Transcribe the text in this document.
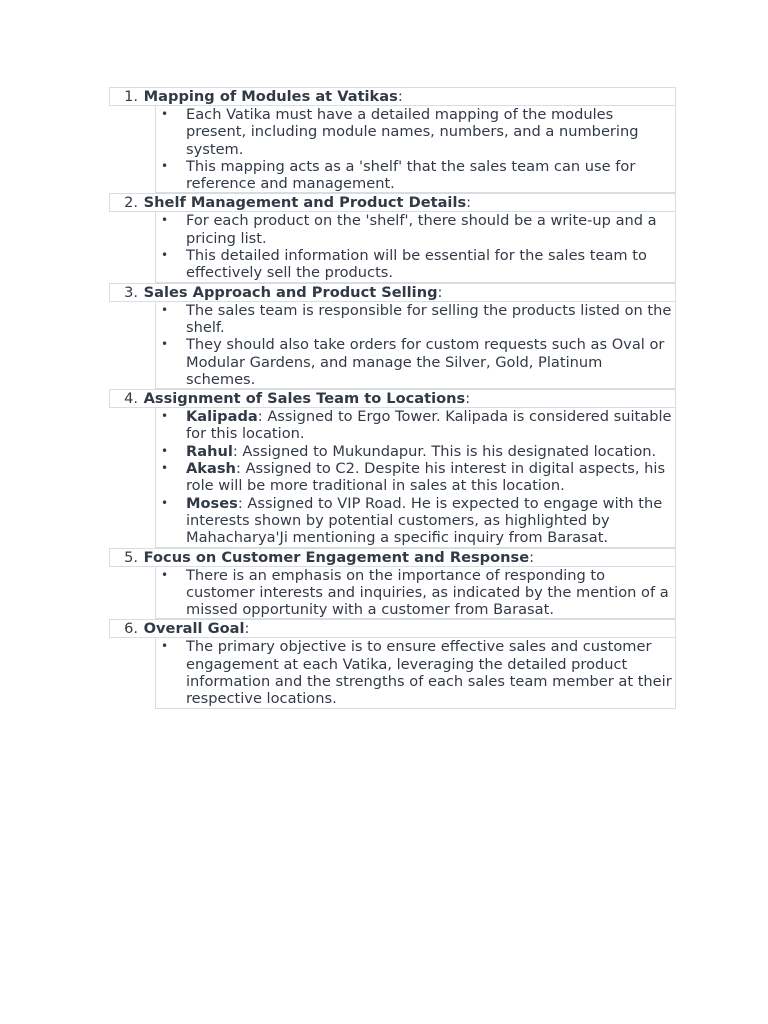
1. Mapping of Modules at Vatikas:
• Each Vatika must have a detailed mapping of the modules present, including module names, numbers, and a numbering system.
• This mapping acts as a 'shelf' that the sales team can use for reference and management.
2. Shelf Management and Product Details:
• For each product on the 'shelf', there should be a write-up and a pricing list.
• This detailed information will be essential for the sales team to effectively sell the products.
3. Sales Approach and Product Selling:
• The sales team is responsible for selling the products listed on the shelf.
• They should also take orders for custom requests such as Oval or Modular Gardens, and manage the Silver, Gold, Platinum schemes.
4. Assignment of Sales Team to Locations:
• Kalipada: Assigned to Ergo Tower. Kalipada is considered suitable for this location.
• Rahul: Assigned to Mukundapur. This is his designated location.
• Akash: Assigned to C2. Despite his interest in digital aspects, his role will be more traditional in sales at this location.
• Moses: Assigned to VIP Road. He is expected to engage with the interests shown by potential customers, as highlighted by Mahacharya'Ji mentioning a specific inquiry from Barasat.
5. Focus on Customer Engagement and Response:
• There is an emphasis on the importance of responding to customer interests and inquiries, as indicated by the mention of a missed opportunity with a customer from Barasat.
6. Overall Goal:
• The primary objective is to ensure effective sales and customer engagement at each Vatika, leveraging the detailed product information and the strengths of each sales team member at their respective locations.
